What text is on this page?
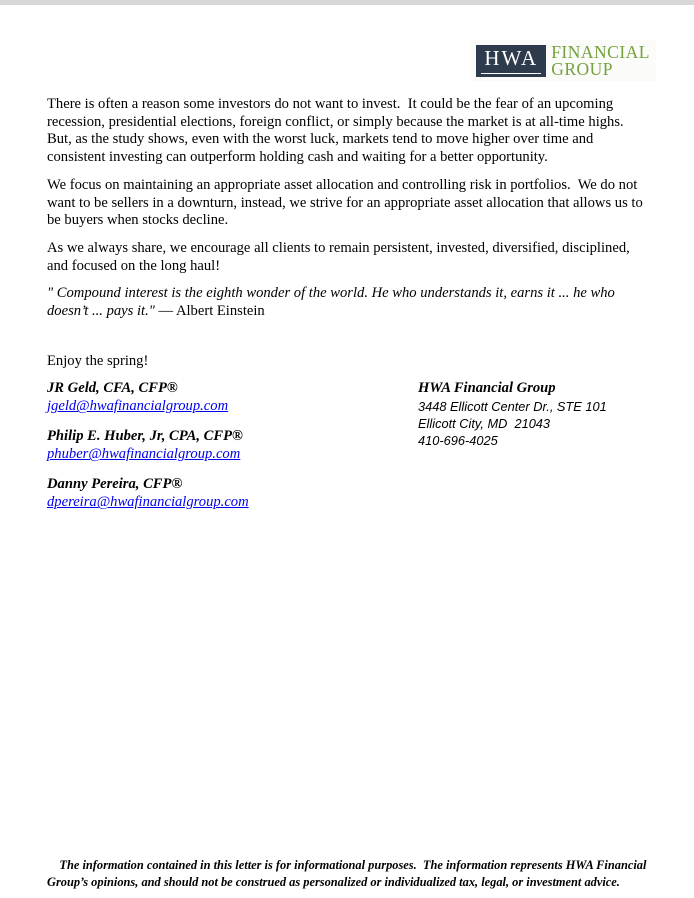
HWA FINANCIAL
GROUP

There is often a reason some investors do not want to invest.  It could be the fear of an upcoming recession, presidential elections, foreign conflict, or simply because the market is at all-time highs.  But, as the study shows, even with the worst luck, markets tend to move higher over time and consistent investing can outperform holding cash and waiting for a better opportunity.

We focus on maintaining an appropriate asset allocation and controlling risk in portfolios.  We do not want to be sellers in a downturn, instead, we strive for an appropriate asset allocation that allows us to be buyers when stocks decline.

As we always share, we encourage all clients to remain persistent, invested, diversified, disciplined, and focused on the long haul!

" Compound interest is the eighth wonder of the world. He who understands it, earns it ... he who doesn’t ... pays it." — Albert Einstein

Enjoy the spring!

JR Geld, CFA, CFP®
jgeld@hwafinancialgroup.com
Philip E. Huber, Jr, CPA, CFP®
phuber@hwafinancialgroup.com
Danny Pereira, CFP®
dpereira@hwafinancialgroup.com
HWA Financial Group
3448 Ellicott Center Dr., STE 101
Ellicott City, MD  21043
410-696-4025

The information contained in this letter is for informational purposes.  The information represents HWA Financial Group’s opinions, and should not be construed as personalized or individualized tax, legal, or investment advice.
